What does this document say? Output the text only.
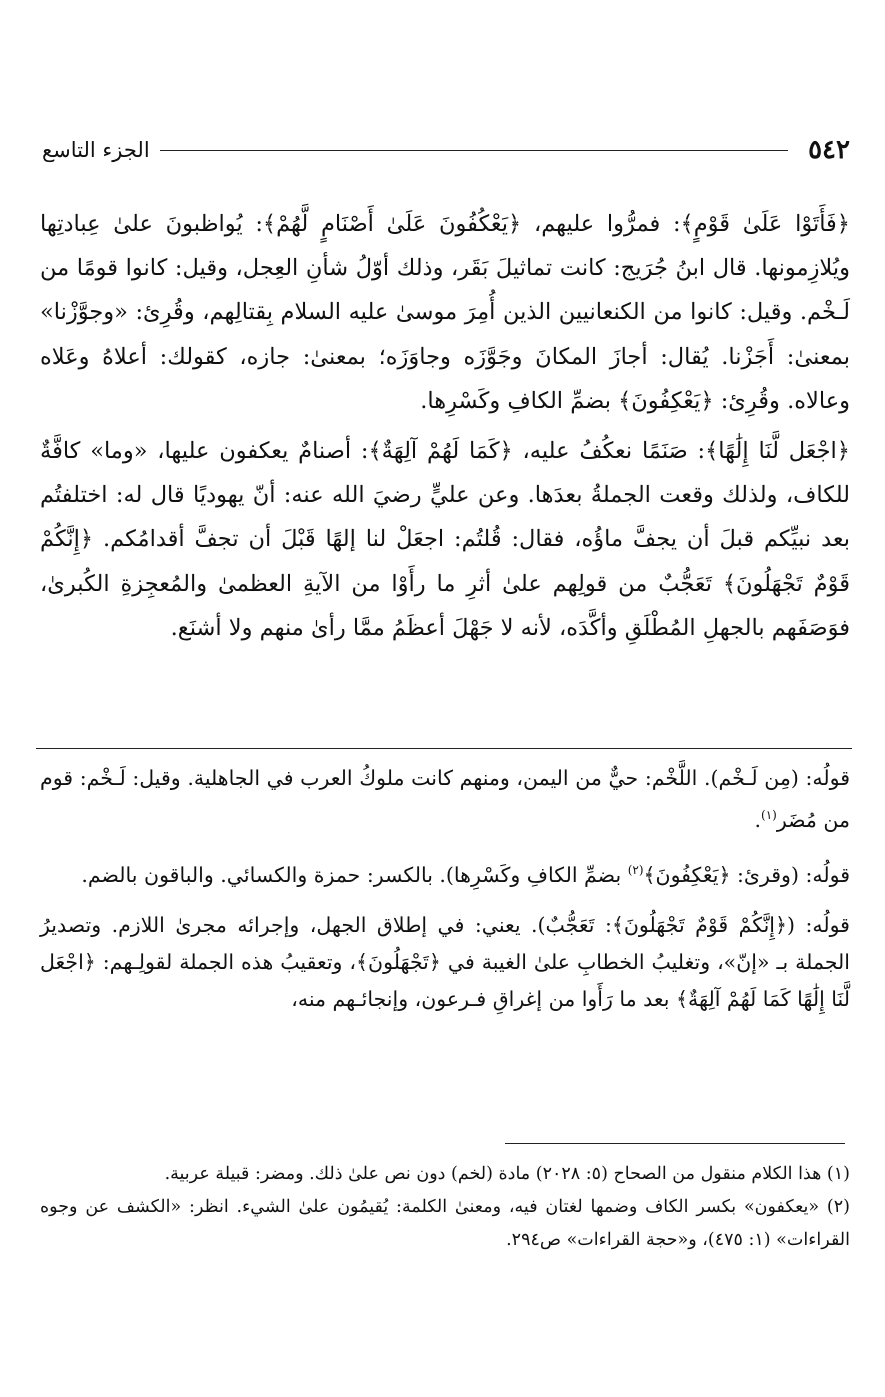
٥٤٢
الجزء التاسع

﴿فَأَتَوْا عَلَىٰ قَوْمٍ﴾: فمرُّوا عليهم، ﴿يَعْكُفُونَ عَلَىٰ أَصْنَامٍ لَّهُمْ﴾: يُواظبونَ علىٰ عِبادتِها ويُلازِمونها. قال ابنُ جُرَيج: كانت تماثيلَ بَقَر، وذلك أوّلُ شأنِ العِجل، وقيل: كانوا قومًا من لَـخْم. وقيل: كانوا من الكنعانيين الذين أُمِرَ موسىٰ عليه السلام بِقتالِهم، وقُرِئ: «وجوَّزْنا» بمعنىٰ: أَجَزْنا. يُقال: أجازَ المكانَ وجَوَّزَه وجاوَزَه؛ بمعنىٰ: جازه، كقولك: أعلاهُ وعَلاه وعالاه. وقُرِئ: ﴿يَعْكِفُونَ﴾ بضمِّ الكافِ وكَسْرِها.

﴿اجْعَل لَّنَا إِلَٰهًا﴾: صَنَمًا نعكُفُ عليه، ﴿كَمَا لَهُمْ آلِهَةٌ﴾: أصنامٌ يعكفون عليها، «وما» كافَّةٌ للكاف، ولذلك وقعت الجملةُ بعدَها. وعن عليٍّ رضيَ الله عنه: أنّ يهوديًا قال له: اختلفتُم بعد نبيِّكم قبلَ أن يجفَّ ماؤُه، فقال: قُلتُم: اجعَلْ لنا إلهًا قَبْلَ أن تجفَّ أقدامُكم. ﴿إِنَّكُمْ قَوْمٌ تَجْهَلُونَ﴾ تَعَجُّبٌ من قولِهم علىٰ أثرِ ما رأَوْا من الآيةِ العظمىٰ والمُعجِزةِ الكُبرىٰ، فوَصَفَهم بالجهلِ المُطْلَقِ وأكَّدَه، لأنه لا جَهْلَ أعظَمُ ممَّا رأىٰ منهم ولا أشنَع.

قولُه: (مِن لَـخْم). اللَّخْم: حيٌّ من اليمن، ومنهم كانت ملوكُ العرب في الجاهلية. وقيل: لَـخْم: قوم من مُضَر$^{(١)}$.

قولُه: (وقرئ: ﴿يَعْكِفُونَ﴾$^{(٢)}$ بضمِّ الكافِ وكَسْرِها). بالكسر: حمزة والكسائي. والباقون بالضم.

قولُه: (﴿إِنَّكُمْ قَوْمٌ تَجْهَلُونَ﴾: تَعَجُّبٌ). يعني: في إطلاق الجهل، وإجرائه مجرىٰ اللازم. وتصديرُ الجملة بـ «إنّ»، وتغليبُ الخطابِ علىٰ الغيبة في ﴿تَجْهَلُونَ﴾، وتعقيبُ هذه الجملة لقولِـهم: ﴿اجْعَل لَّنَا إِلَٰهًا كَمَا لَهُمْ آلِهَةٌ﴾ بعد ما رَأَوا من إغراقِ فـرعون، وإنجائـهم منه،

(١) هذا الكلام منقول من الصحاح (٥: ٢٠٢٨) مادة (لخم) دون نص علىٰ ذلك. ومضر: قبيلة عربية.

(٢) «يعكفون» بكسر الكاف وضمها لغتان فيه، ومعنىٰ الكلمة: يُقيمُون علىٰ الشيء. انظر: «الكشف عن وجوه القراءات» (١: ٤٧٥)، و«حجة القراءات» ص٢٩٤.
